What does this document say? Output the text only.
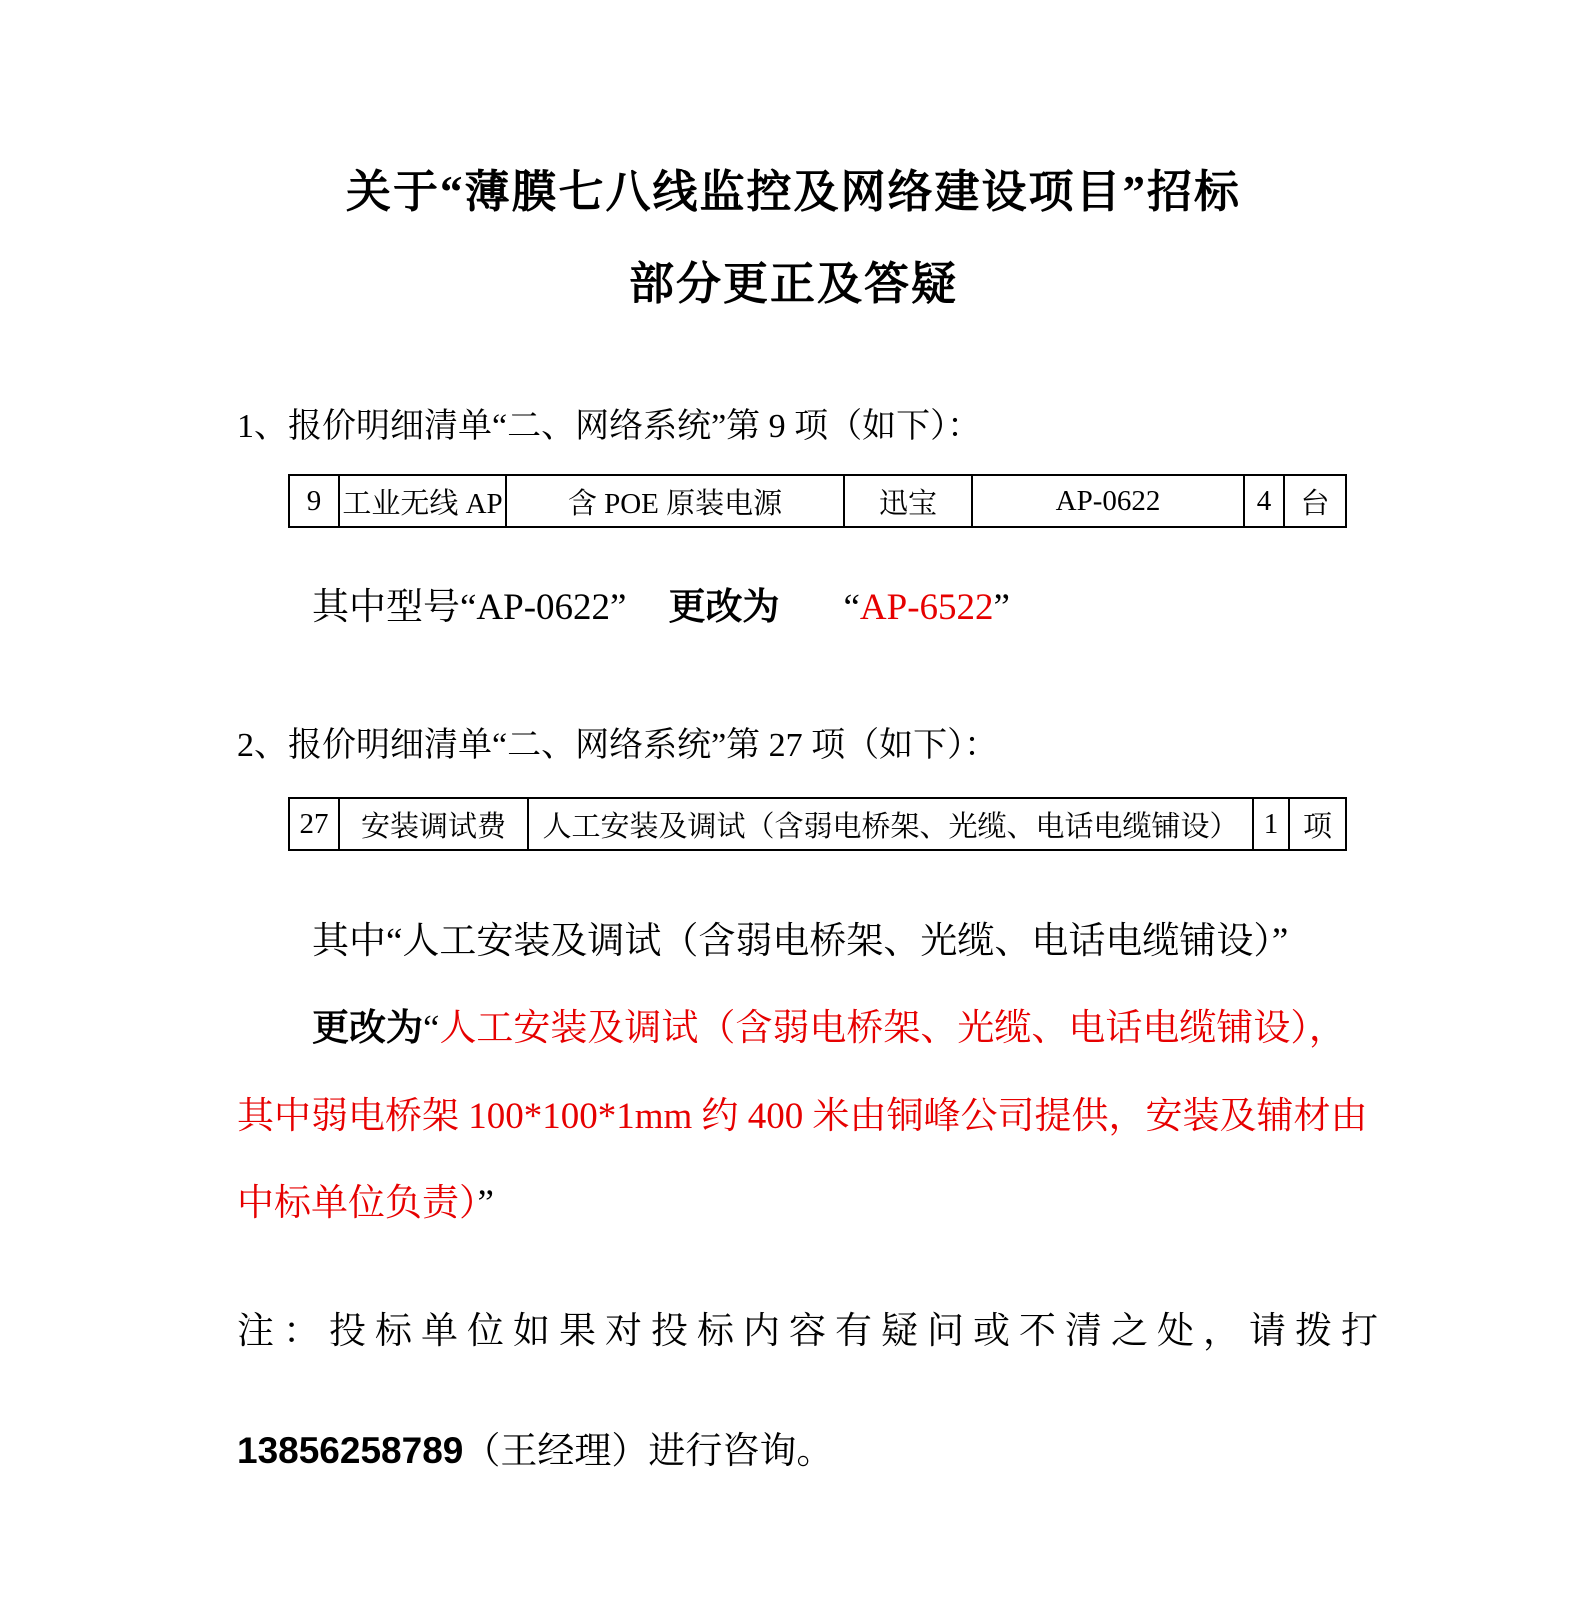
关于“薄膜七八线监控及网络建设项目”招标
部分更正及答疑
1、报价明细清单“二、网络系统”第 9 项（如下）：
9	工业无线 AP	含 POE 原装电源	迅宝	AP-0622	4	台
其中型号“AP-0622” 更改为 “AP-6522”
2、报价明细清单“二、网络系统”第 27 项（如下）：
27	安装调试费	人工安装及调试（含弱电桥架、光缆、电话电缆铺设）	1	项
其中“人工安装及调试（含弱电桥架、光缆、电话电缆铺设）”
更改为“人工安装及调试（含弱电桥架、光缆、电话电缆铺设），
其中弱电桥架 100*100*1mm 约 400 米由铜峰公司提供，安装及辅材由
中标单位负责）”
注：投标单位如果对投标内容有疑问或不清之处，请拨打
13856258789（王经理）进行咨询。
